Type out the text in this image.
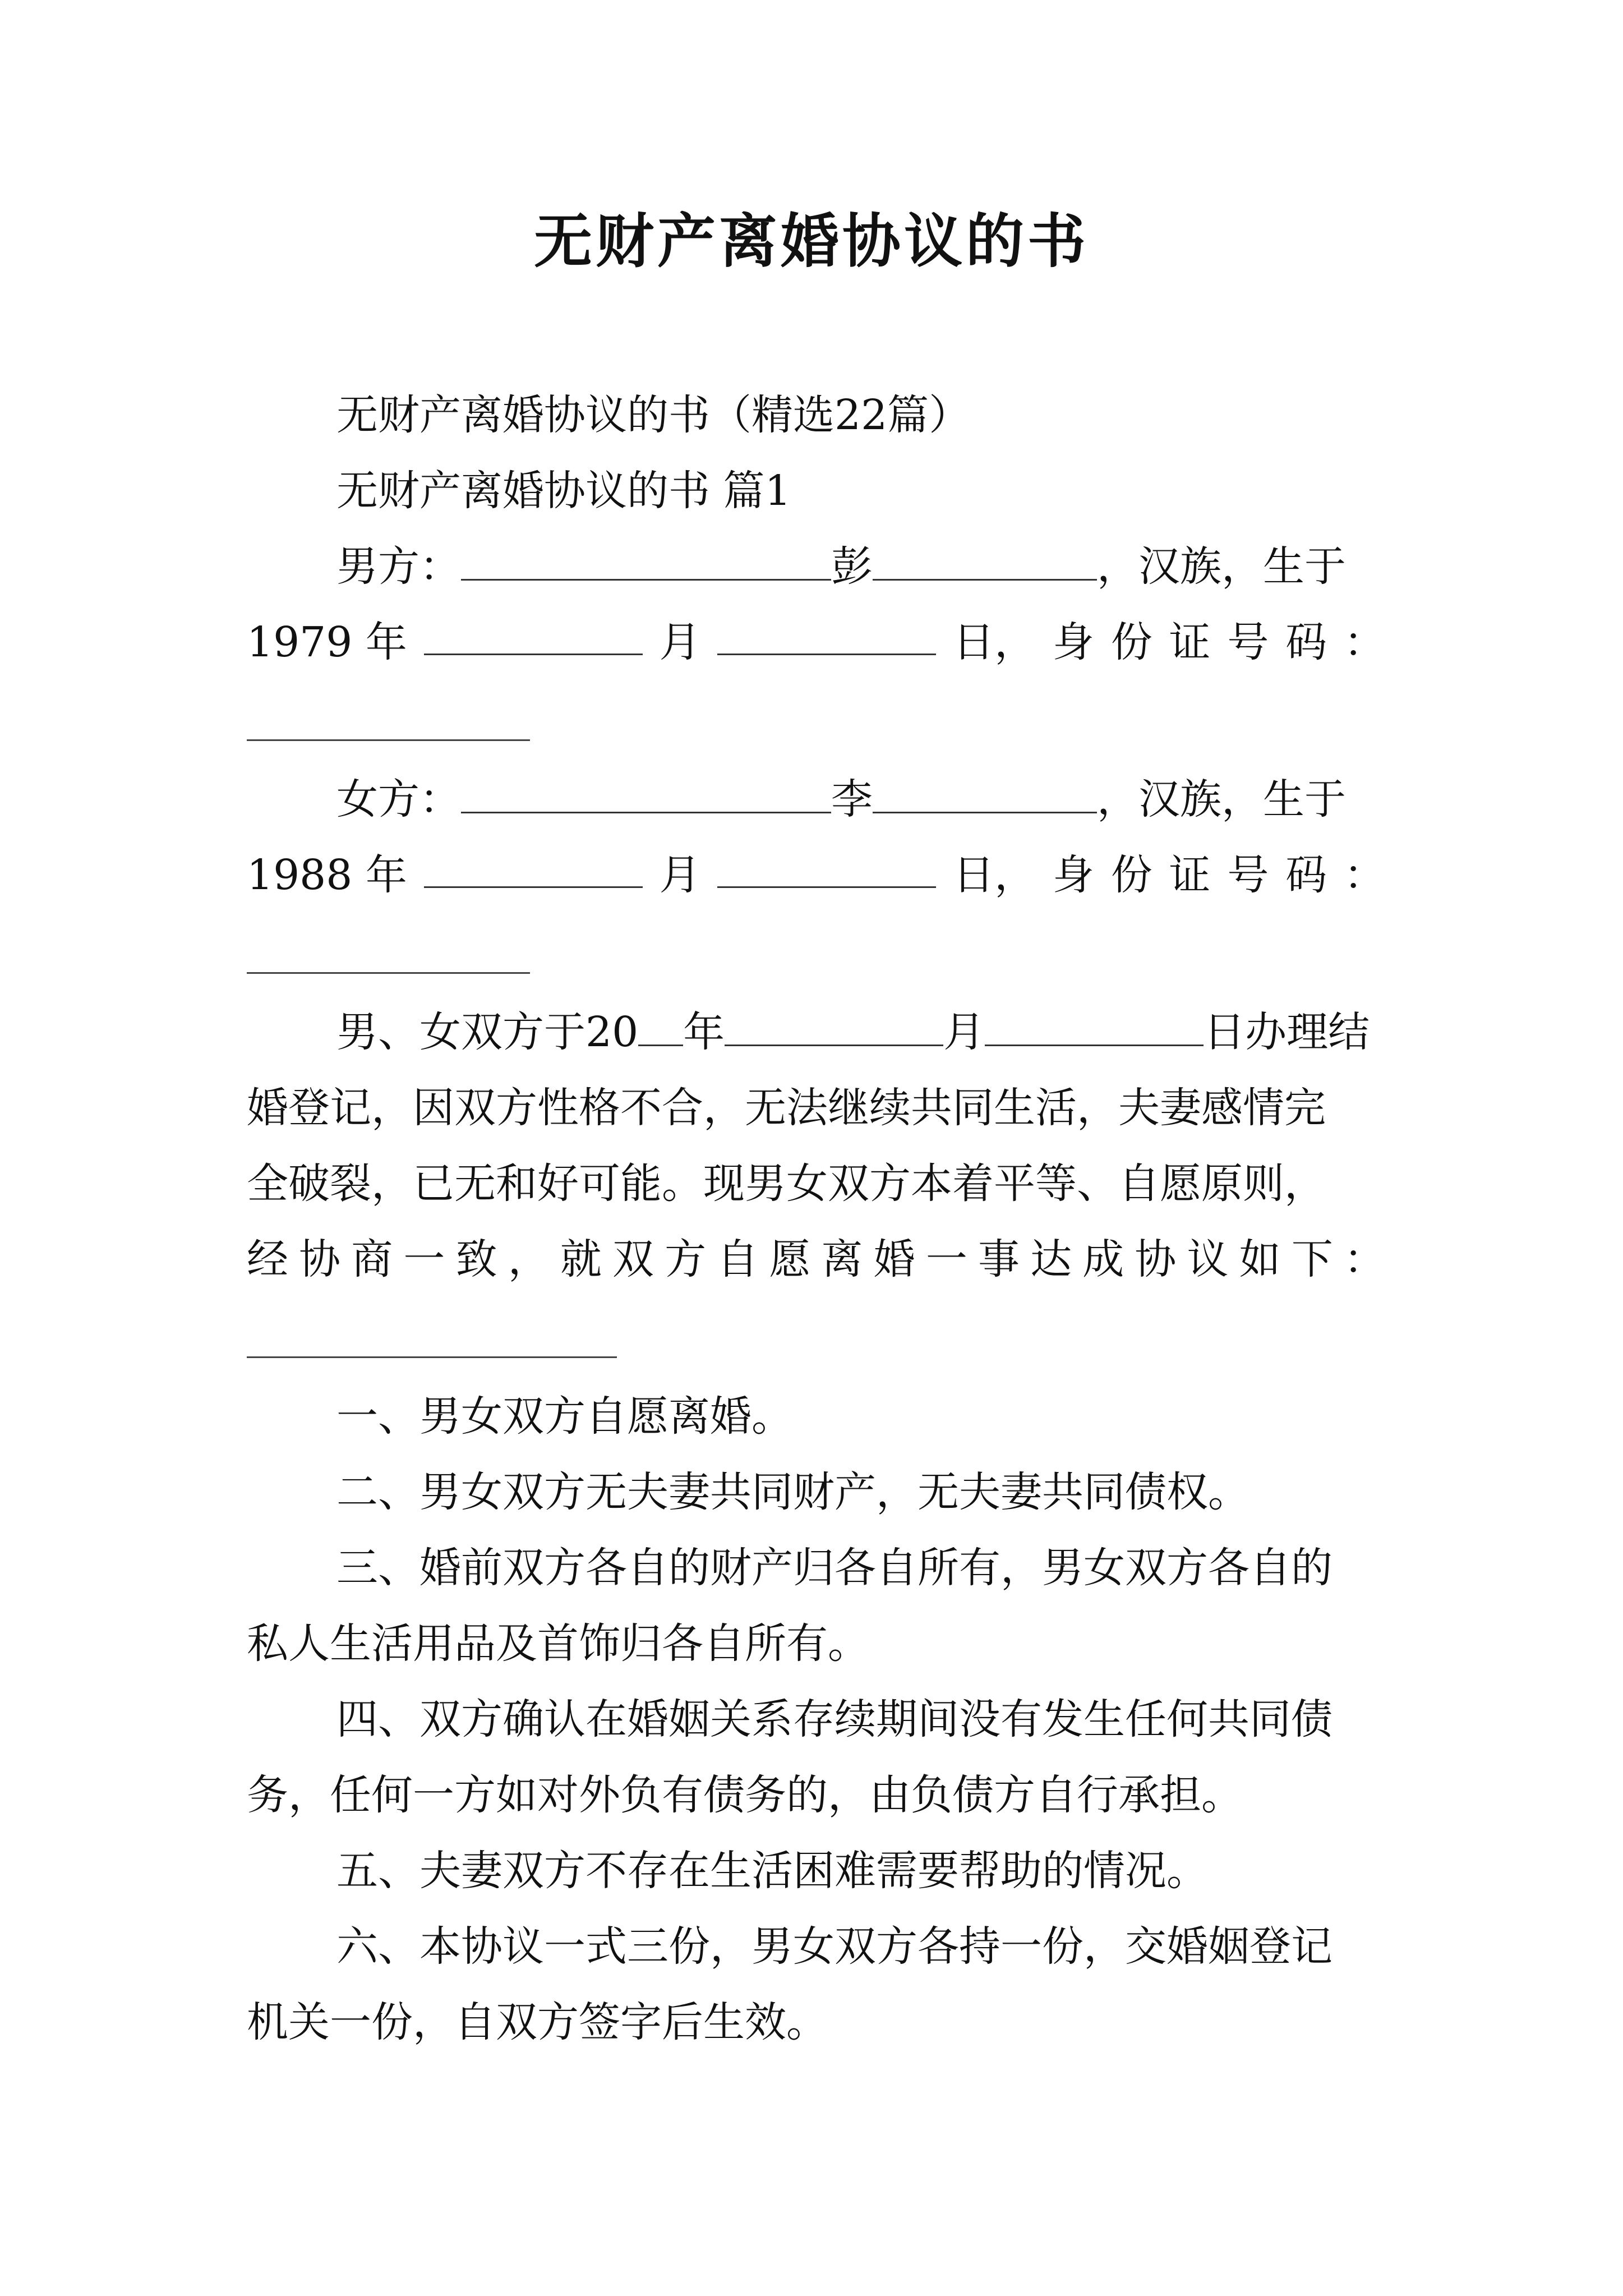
无财产离婚协议的书
无财产离婚协议的书（精选22篇）
无财产离婚协议的书 篇1
男方：	彭	，汉族，生于
1979 年	月	日， 身 份 证 号 码 ：
女方：	李	，汉族，生于
1988 年	月	日， 身 份 证 号 码 ：
男、女双方于20 年	月	日办理结
婚登记，因双方性格不合，无法继续共同生活，夫妻感情完
全破裂，已无和好可能。现男女双方本着平等、自愿原则，
经 协 商 一 致 ， 就 双 方 自 愿 离 婚 一 事 达 成 协 议 如 下 ：
一、男女双方自愿离婚。
二、男女双方无夫妻共同财产，无夫妻共同债权。
三、婚前双方各自的财产归各自所有，男女双方各自的
私人生活用品及首饰归各自所有。
四、双方确认在婚姻关系存续期间没有发生任何共同债
务，任何一方如对外负有债务的，由负债方自行承担。
五、夫妻双方不存在生活困难需要帮助的情况。
六、本协议一式三份，男女双方各持一份，交婚姻登记
机关一份，自双方签字后生效。
